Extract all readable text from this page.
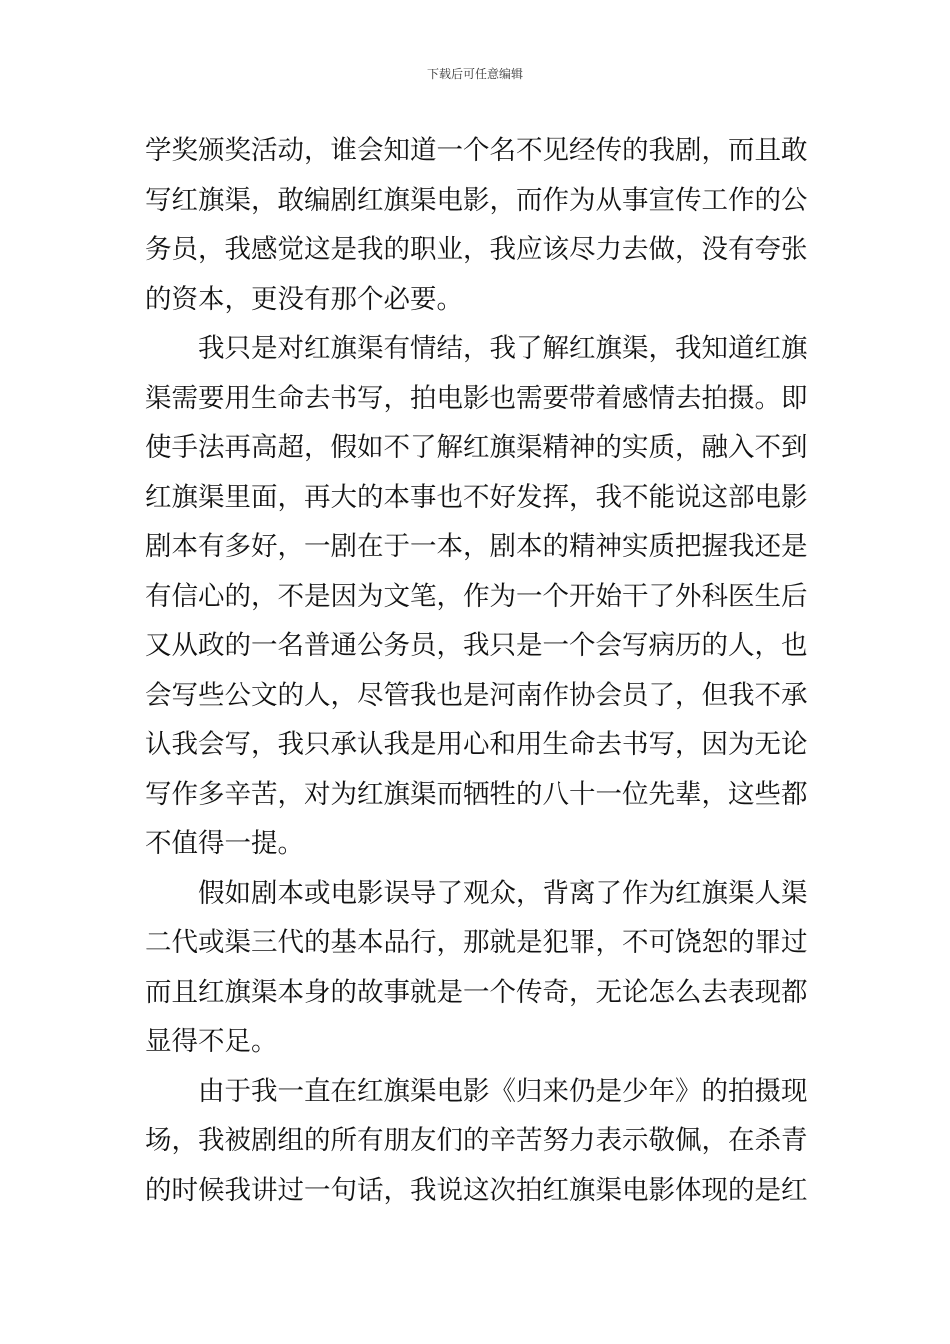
下载后可任意编辑
学奖颁奖活动，谁会知道一个名不见经传的我剧，而且敢
写红旗渠，敢编剧红旗渠电影，而作为从事宣传工作的公
务员，我感觉这是我的职业，我应该尽力去做，没有夸张
的资本，更没有那个必要。
我只是对红旗渠有情结，我了解红旗渠，我知道红旗
渠需要用生命去书写，拍电影也需要带着感情去拍摄。即
使手法再高超，假如不了解红旗渠精神的实质，融入不到
红旗渠里面，再大的本事也不好发挥，我不能说这部电影
剧本有多好，一剧在于一本，剧本的精神实质把握我还是
有信心的，不是因为文笔，作为一个开始干了外科医生后
又从政的一名普通公务员，我只是一个会写病历的人，也
会写些公文的人，尽管我也是河南作协会员了，但我不承
认我会写，我只承认我是用心和用生命去书写，因为无论
写作多辛苦，对为红旗渠而牺牲的八十一位先辈，这些都
不值得一提。
假如剧本或电影误导了观众，背离了作为红旗渠人渠
二代或渠三代的基本品行，那就是犯罪，不可饶恕的罪过
而且红旗渠本身的故事就是一个传奇，无论怎么去表现都
显得不足。
由于我一直在红旗渠电影《归来仍是少年》的拍摄现
场，我被剧组的所有朋友们的辛苦努力表示敬佩，在杀青
的时候我讲过一句话，我说这次拍红旗渠电影体现的是红
